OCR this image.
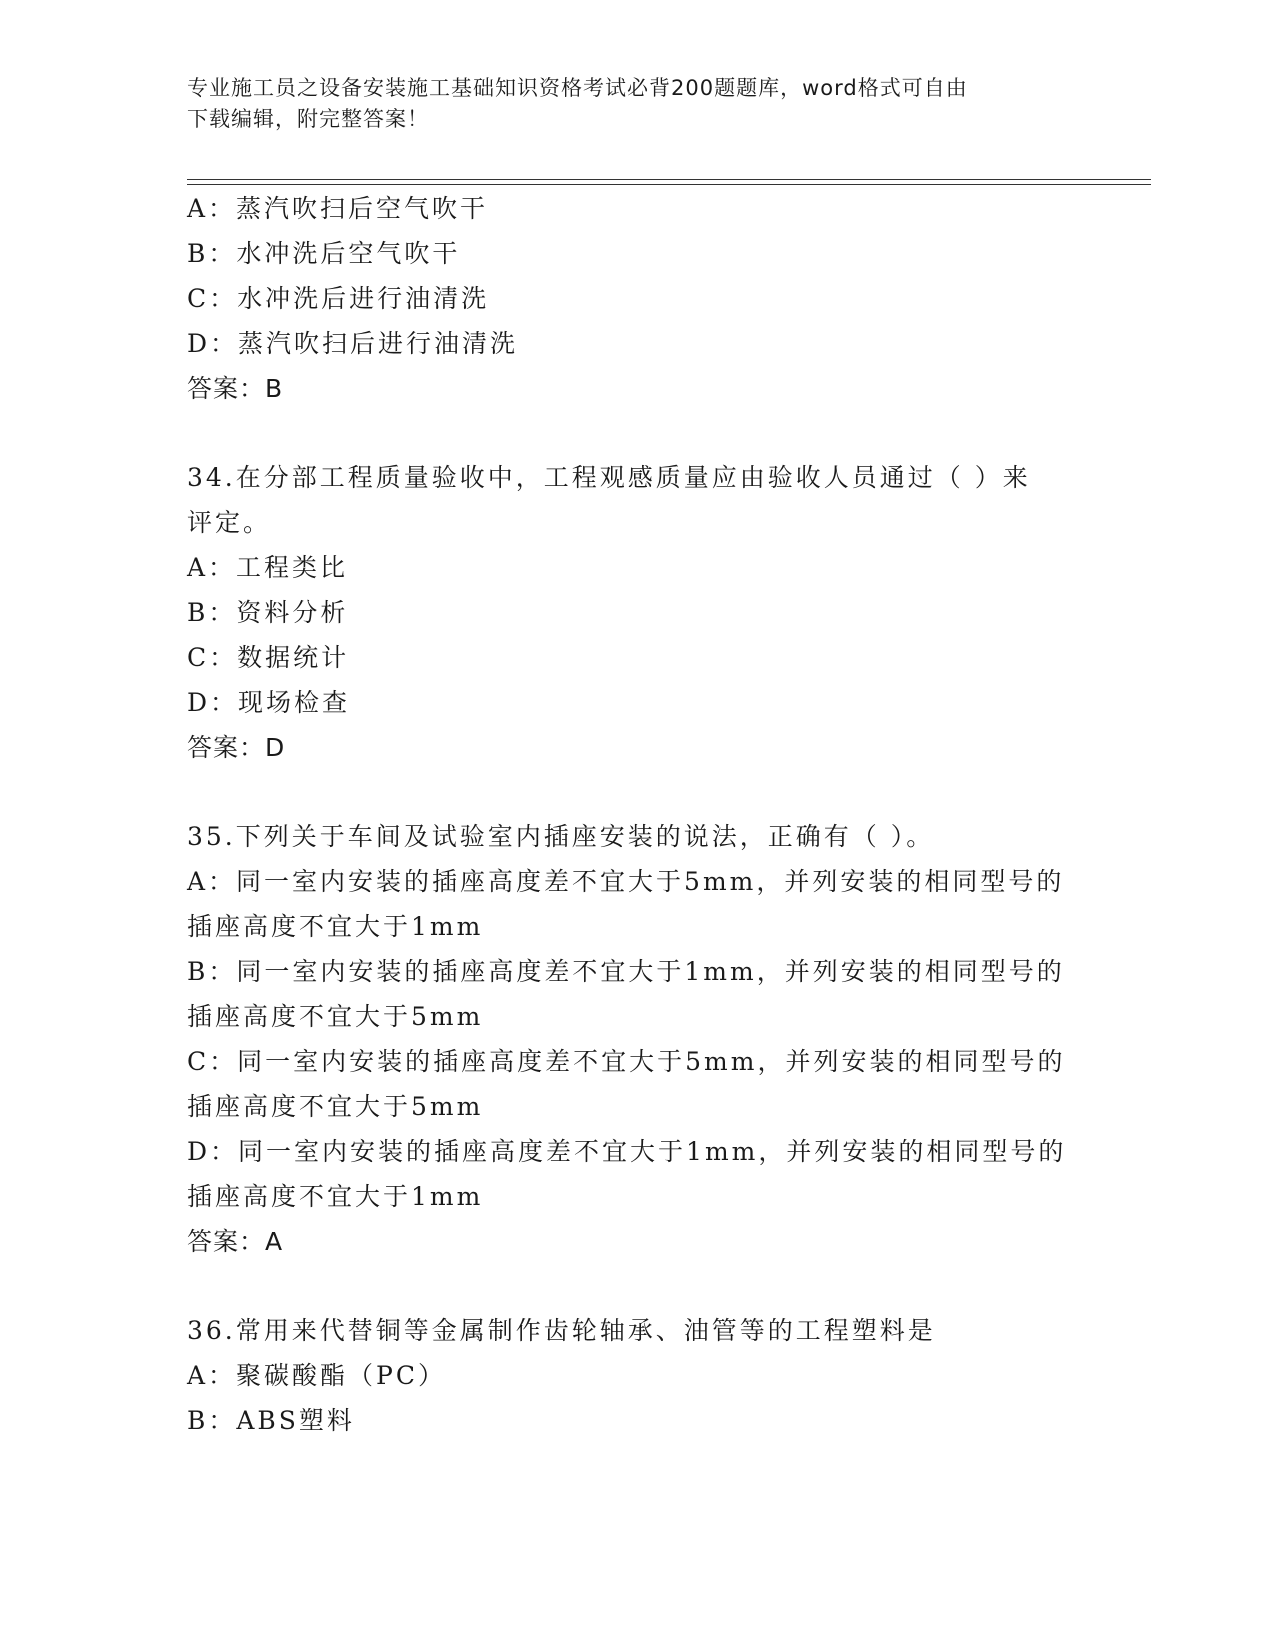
专业施工员之设备安装施工基础知识资格考试必背200题题库，word格式可自由
下载编辑，附完整答案！
A：蒸汽吹扫后空气吹干
B：水冲洗后空气吹干
C：水冲洗后进行油清洗
D：蒸汽吹扫后进行油清洗
答案：B
34.在分部工程质量验收中，工程观感质量应由验收人员通过（ ）来
评定。
A：工程类比
B：资料分析
C：数据统计
D：现场检查
答案：D
35.下列关于车间及试验室内插座安装的说法，正确有（ ）。
A：同一室内安装的插座高度差不宜大于5mm，并列安装的相同型号的
插座高度不宜大于1mm
B：同一室内安装的插座高度差不宜大于1mm，并列安装的相同型号的
插座高度不宜大于5mm
C：同一室内安装的插座高度差不宜大于5mm，并列安装的相同型号的
插座高度不宜大于5mm
D：同一室内安装的插座高度差不宜大于1mm，并列安装的相同型号的
插座高度不宜大于1mm
答案：A
36.常用来代替铜等金属制作齿轮轴承、油管等的工程塑料是
A：聚碳酸酯（PC）
B：ABS塑料
